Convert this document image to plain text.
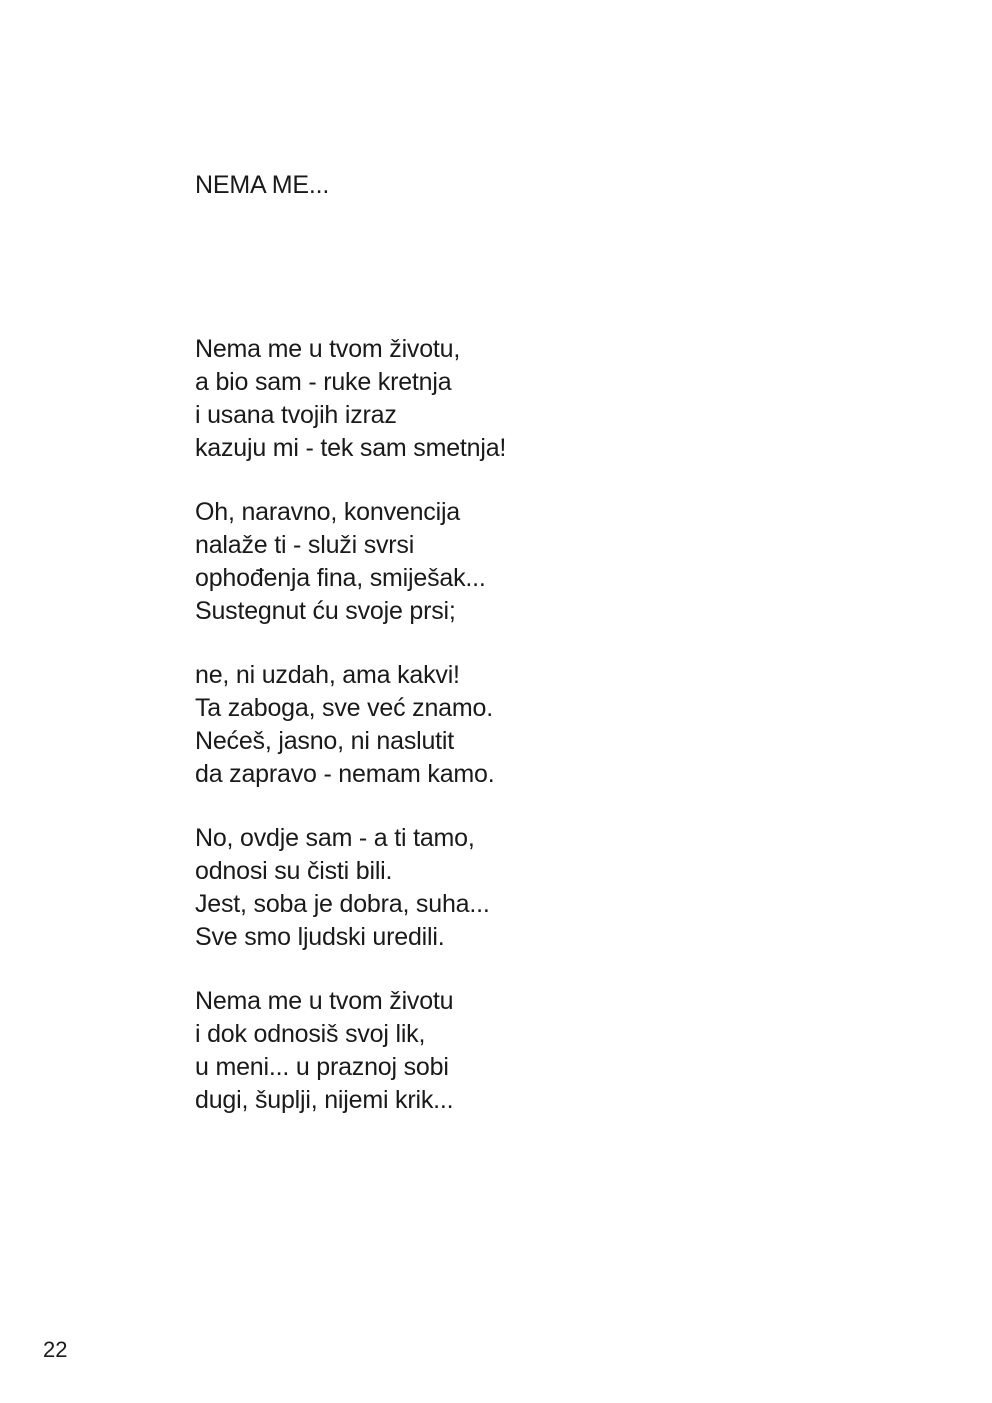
NEMA ME...
Nema me u tvom životu,
a bio sam - ruke kretnja
i usana tvojih izraz
kazuju mi - tek sam smetnja!
Oh, naravno, konvencija
nalaže ti - služi svrsi
ophođenja fina, smiješak...
Sustegnut ću svoje prsi;
ne, ni uzdah, ama kakvi!
Ta zaboga, sve već znamo.
Nećeš, jasno, ni naslutit
da zapravo - nemam kamo.
No, ovdje sam - a ti tamo,
odnosi su čisti bili.
Jest, soba je dobra, suha...
Sve smo ljudski uredili.
Nema me u tvom životu
i dok odnosiš svoj lik,
u meni... u praznoj sobi
dugi, šuplji, nijemi krik...

22
